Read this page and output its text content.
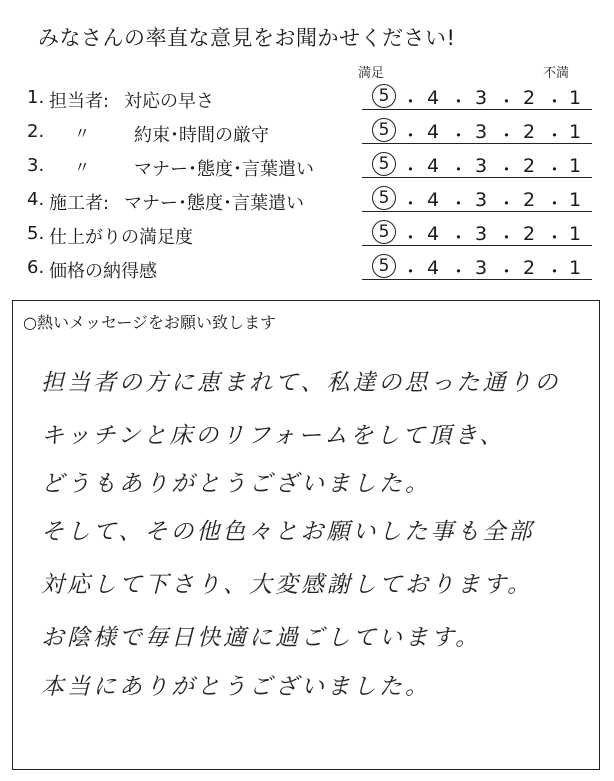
みなさんの率直な意見をお聞かせください!
満足	不満
1. 担当者: 対応の早さ	5 ･ 4 ･ 3 ･ 2 ･ 1
2.	〃 約束･時間の厳守	5 ･ 4 ･ 3 ･ 2 ･ 1
3.	〃 マナー･態度･言葉遣い	5 ･ 4 ･ 3 ･ 2 ･ 1
4. 施工者: マナー･態度･言葉遣い	5 ･ 4 ･ 3 ･ 2 ･ 1
5. 仕上がりの満足度	5 ･ 4 ･ 3 ･ 2 ･ 1
6. 価格の納得感	5 ･ 4 ･ 3 ･ 2 ･ 1
○熱いメッセージをお願い致します
担当者の方に恵まれて、私達の思った通りの
キッチンと床のリフォームをして頂き、
どうもありがとうございました。
そして、その他色々とお願いした事も全部
対応して下さり、大変感謝しております。
お陰様で毎日快適に過ごしています。
本当にありがとうございました。
